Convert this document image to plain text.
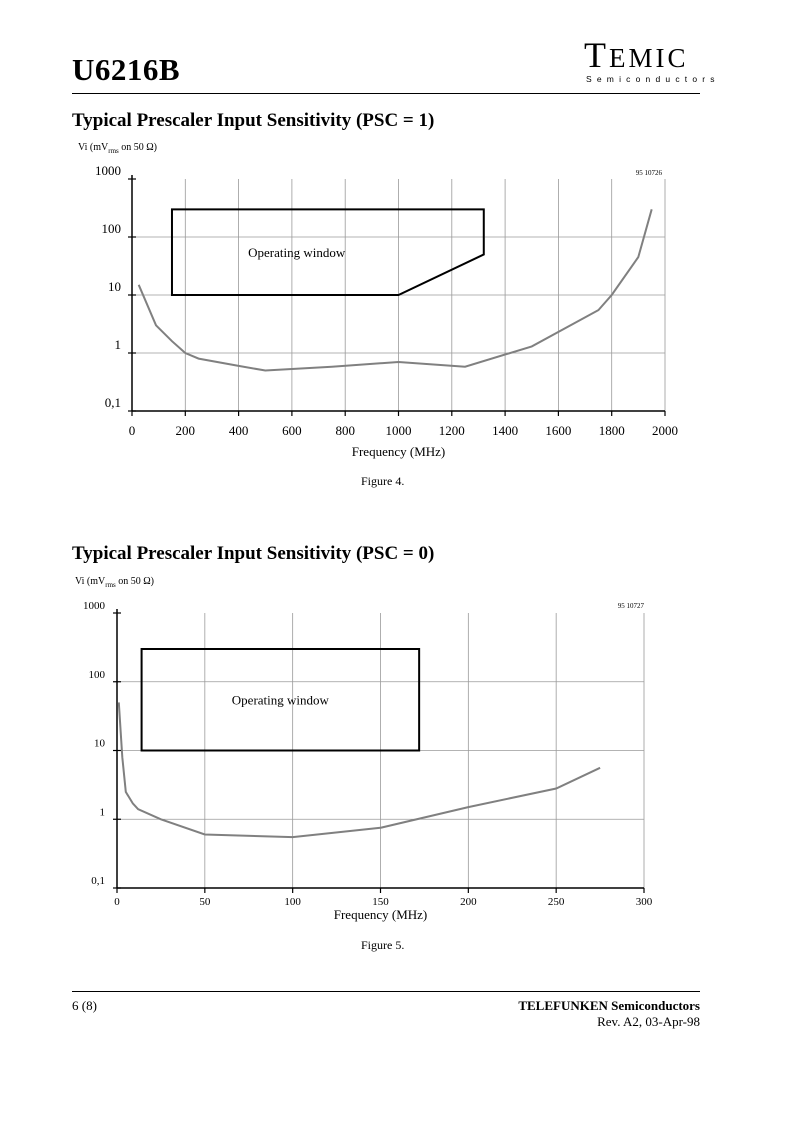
U6216B	TEMIC
Semiconductors
Typical Prescaler Input Sensitivity (PSC = 1)
Vi ($mV_{rms}$ on 50 Ω)
95 10726
0	200	400	600	800 1000 1200 1400 1600 1800 2000
0,1
1
10
100
1000
Frequency (MHz)
Operating window
Figure 4.
Typical Prescaler Input Sensitivity (PSC = 0)
Vi ($mV_{rms}$ on 50 Ω)
95 10727
0	50	100	150	200	250	300
0,1
1
10
100
1000
Frequency (MHz)
Operating window
Figure 5.
6 (8)	TELEFUNKEN Semiconductors
Rev. A2, 03-Apr-98
